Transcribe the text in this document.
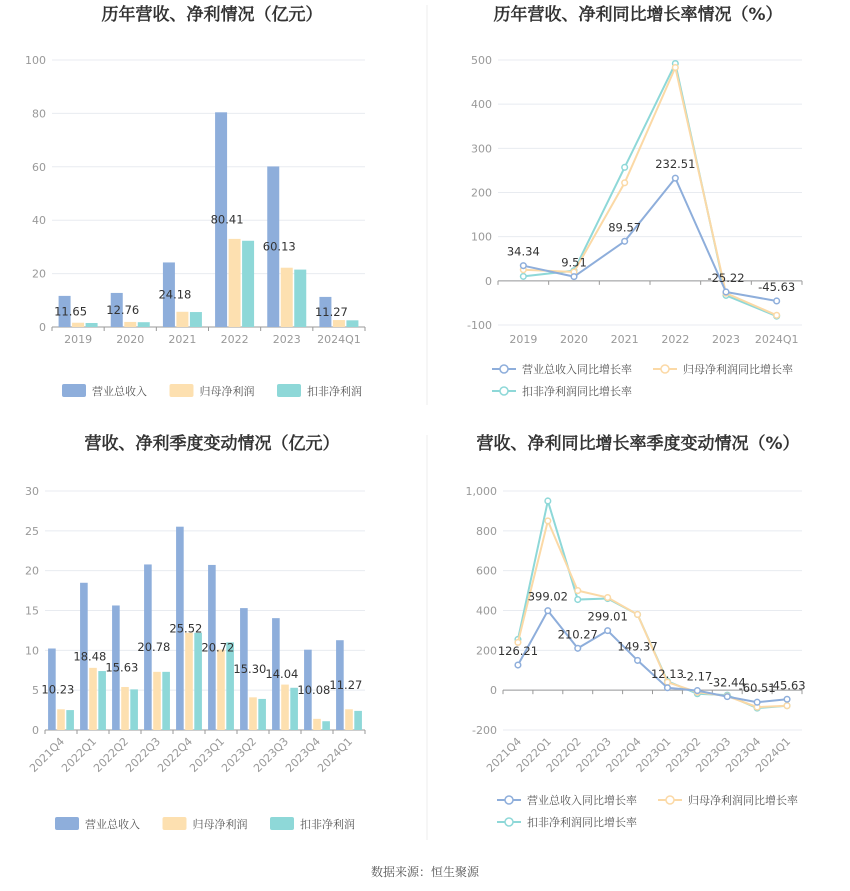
数据来源：恒生聚源
历年营收、净利情况（亿元）
0
20
40
60
80
100
2019 2020 2021 2022 2023 2024Q1
11.65 12.76
24.18
80.41
60.13
11.27
营业总收入	归母净利润	扣非净利润
历年营收、净利同比增长率情况（%）
-100
0
100
200
300
400
500
2019 2020 2021 2022 2023 2024Q1
34.34
9.51
89.57
232.51
-25.22
-45.63
营业总收入同比增长率	归母净利润同比增长率
扣非净利润同比增长率
营收、净利季度变动情况（亿元）
0
5
10
15
20
25
30
2021Q4
2022Q1
2022Q2
2022Q3
2022Q4
2023Q1
2023Q2
2023Q3
2023Q4
2024Q1
10.23
18.48
15.63
20.78
25.52
20.72
15.30 14.04
10.08 11.27
营业总收入	归母净利润	扣非净利润
营收、净利同比增长率季度变动情况（%）
-200
0
200
400
600
800
1,000
2021Q4
2022Q1
2022Q2
2022Q3
2022Q4
2023Q1
2023Q2
2023Q3
2023Q4
2024Q1
126.21
399.02
210.27
299.01
149.37
12.13
-2.17
-32.44
-60.51
-45.63
营业总收入同比增长率	归母净利润同比增长率
扣非净利润同比增长率
